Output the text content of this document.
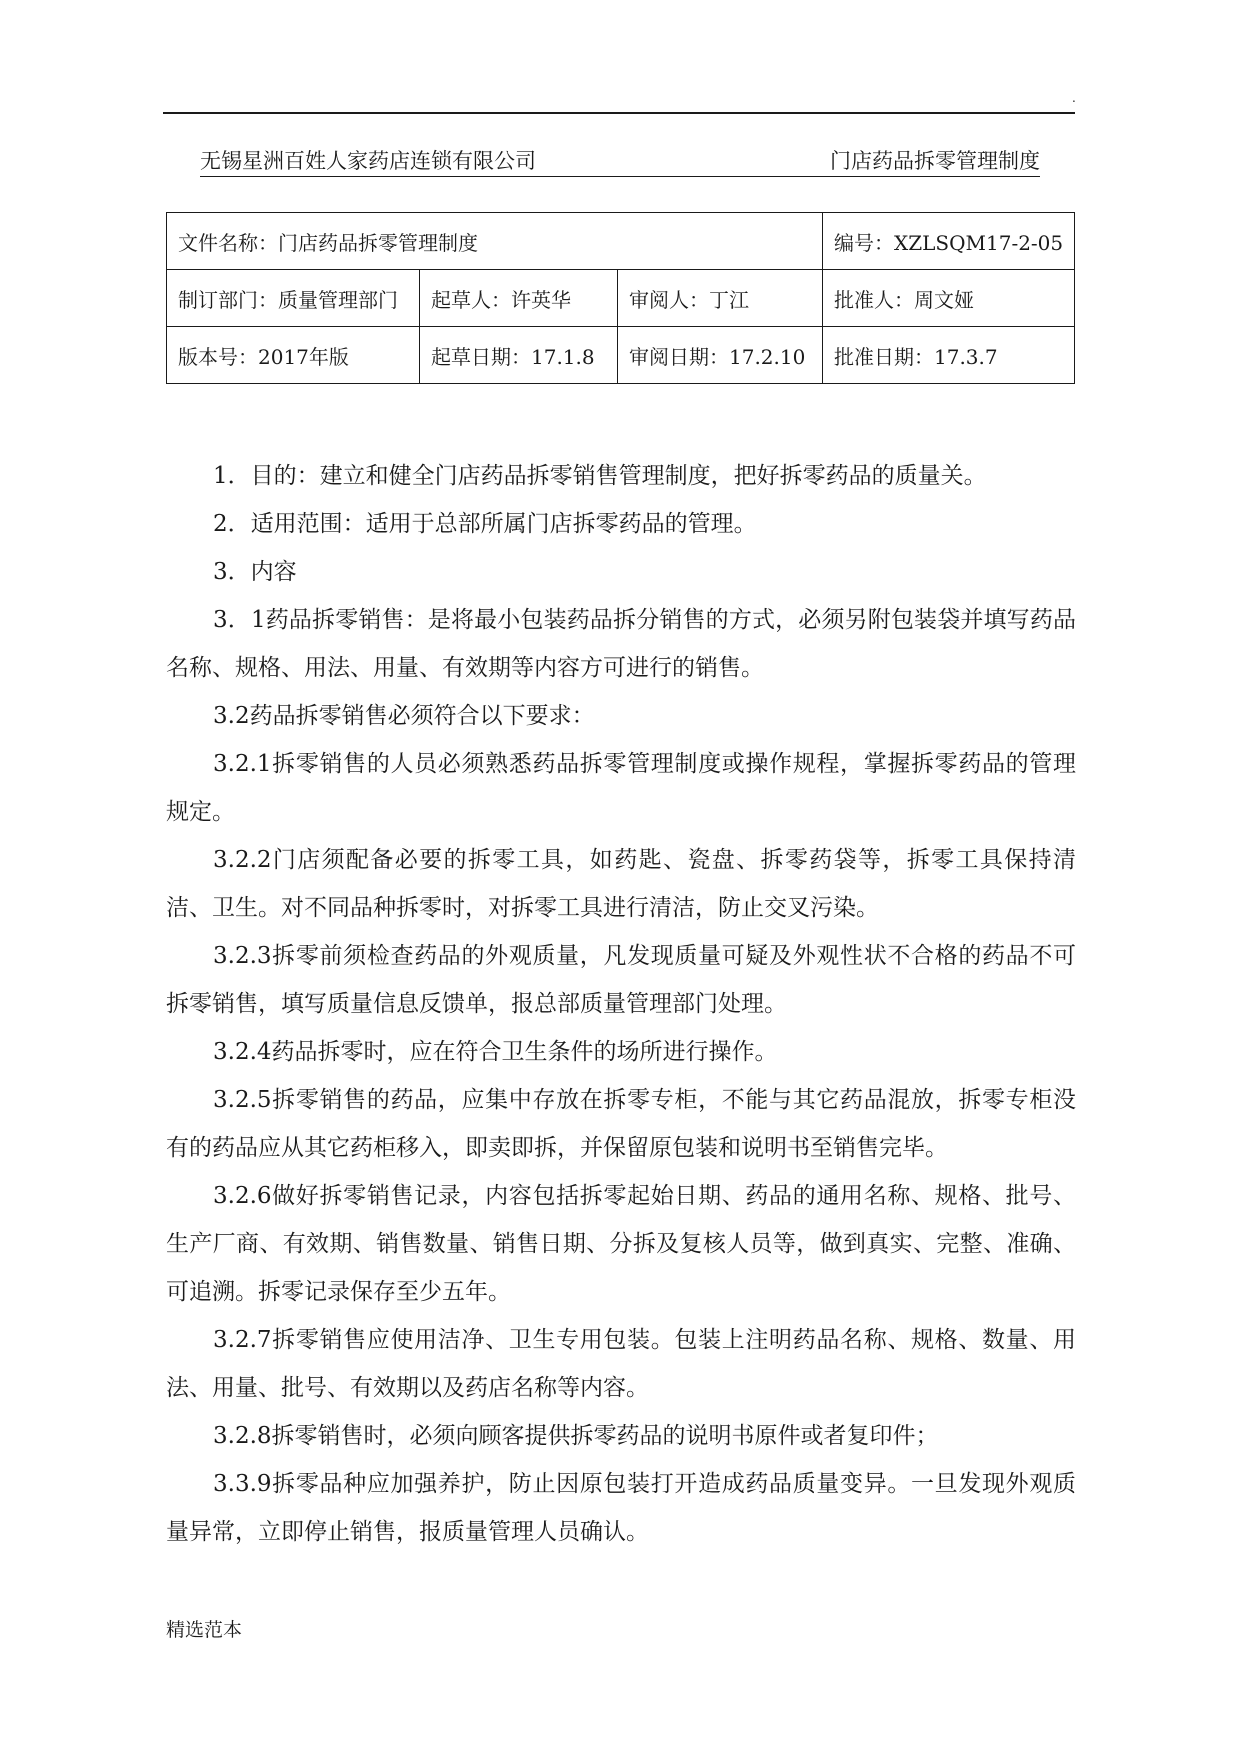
.
无锡星洲百姓人家药店连锁有限公司	门店药品拆零管理制度
文件名称：门店药品拆零管理制度			编号：XZLSQM17-2-05
制订部门：质量管理部门	起草人：许英华	审阅人：丁江	批准人：周文娅
版本号：2017年版	起草日期：17.1.8	审阅日期：17.2.10	批准日期：17.3.7

1．目的：建立和健全门店药品拆零销售管理制度，把好拆零药品的质量关。

2．适用范围：适用于总部所属门店拆零药品的管理。

3．内容

3．1药品拆零销售：是将最小包装药品拆分销售的方式，必须另附包装袋并填写药品名称、规格、用法、用量、有效期等内容方可进行的销售。

3.2药品拆零销售必须符合以下要求：

3.2.1拆零销售的人员必须熟悉药品拆零管理制度或操作规程，掌握拆零药品的管理规定。

3.2.2门店须配备必要的拆零工具，如药匙、瓷盘、拆零药袋等，拆零工具保持清洁、卫生。对不同品种拆零时，对拆零工具进行清洁，防止交叉污染。

3.2.3拆零前须检查药品的外观质量，凡发现质量可疑及外观性状不合格的药品不可拆零销售，填写质量信息反馈单，报总部质量管理部门处理。

3.2.4药品拆零时，应在符合卫生条件的场所进行操作。

3.2.5拆零销售的药品，应集中存放在拆零专柜，不能与其它药品混放，拆零专柜没有的药品应从其它药柜移入，即卖即拆，并保留原包装和说明书至销售完毕。

3.2.6做好拆零销售记录，内容包括拆零起始日期、药品的通用名称、规格、批号、生产厂商、有效期、销售数量、销售日期、分拆及复核人员等，做到真实、完整、准确、可追溯。拆零记录保存至少五年。

3.2.7拆零销售应使用洁净、卫生专用包装。包装上注明药品名称、规格、数量、用法、用量、批号、有效期以及药店名称等内容。

3.2.8拆零销售时，必须向顾客提供拆零药品的说明书原件或者复印件；

3.3.9拆零品种应加强养护，防止因原包装打开造成药品质量变异。一旦发现外观质量异常，立即停止销售，报质量管理人员确认。

精选范本
